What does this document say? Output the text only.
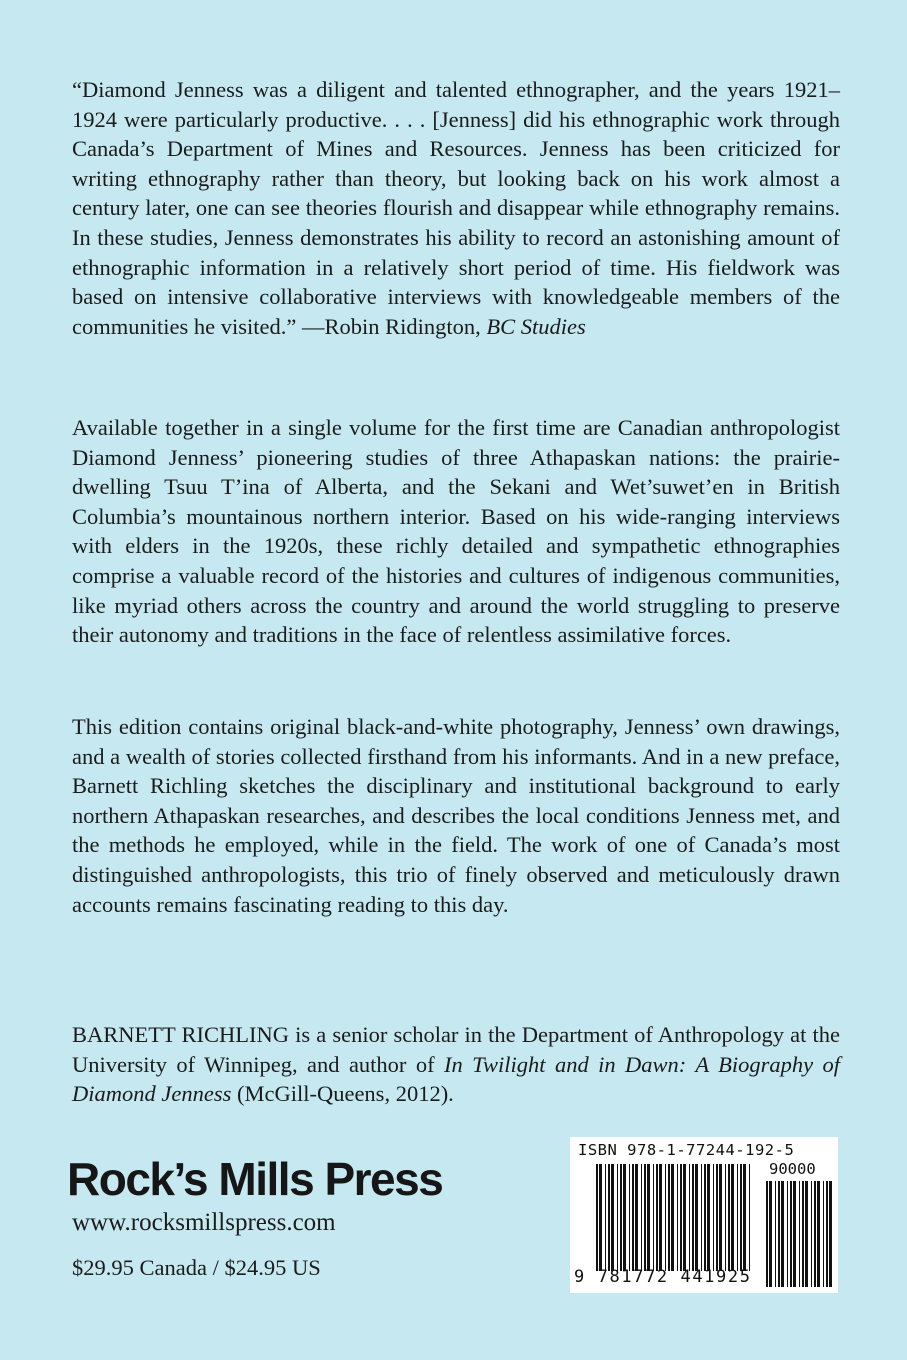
“Diamond Jenness was a diligent and talented ethnographer, and the years 1921–1924 were particularly productive. . . . [Jenness] did his ethnographic work through Canada’s Department of Mines and Resources. Jenness has been criticized for writing ethnography rather than theory, but looking back on his work almost a century later, one can see theories flourish and disappear while ethnography remains. In these studies, Jenness demonstrates his ability to record an astonishing amount of ethnographic information in a relatively short period of time. His fieldwork was based on intensive collaborative interviews with knowledgeable members of the communities he visited.” —Robin Ridington, BC Studies

Available together in a single volume for the first time are Canadian anthropologist Diamond Jenness’ pioneering studies of three Athapaskan nations: the prairie-dwelling Tsuu T’ina of Alberta, and the Sekani and Wet’suwet’en in British Columbia’s mountainous northern interior. Based on his wide-ranging interviews with elders in the 1920s, these richly detailed and sympathetic ethnographies comprise a valuable record of the histories and cultures of indigenous communities, like myriad others across the country and around the world struggling to preserve their autonomy and traditions in the face of relentless assimilative forces.

This edition contains original black-and-white photography, Jenness’ own drawings, and a wealth of stories collected firsthand from his informants. And in a new preface, Barnett Richling sketches the disciplinary and institutional background to early northern Athapaskan researches, and describes the local conditions Jenness met, and the methods he employed, while in the field. The work of one of Canada’s most distinguished anthropologists, this trio of finely observed and meticulously drawn accounts remains fascinating reading to this day.

BARNETT RICHLING is a senior scholar in the Department of Anthropology at the University of Winnipeg, and author of In Twilight and in Dawn: A Biography of Diamond Jenness (McGill-Queens, 2012).

Rock’s Mills Press
www.rocksmillspress.com
$29.95 Canada / $24.95 US
ISBN 978-1-77244-192-5
90000
9 781772 441925
